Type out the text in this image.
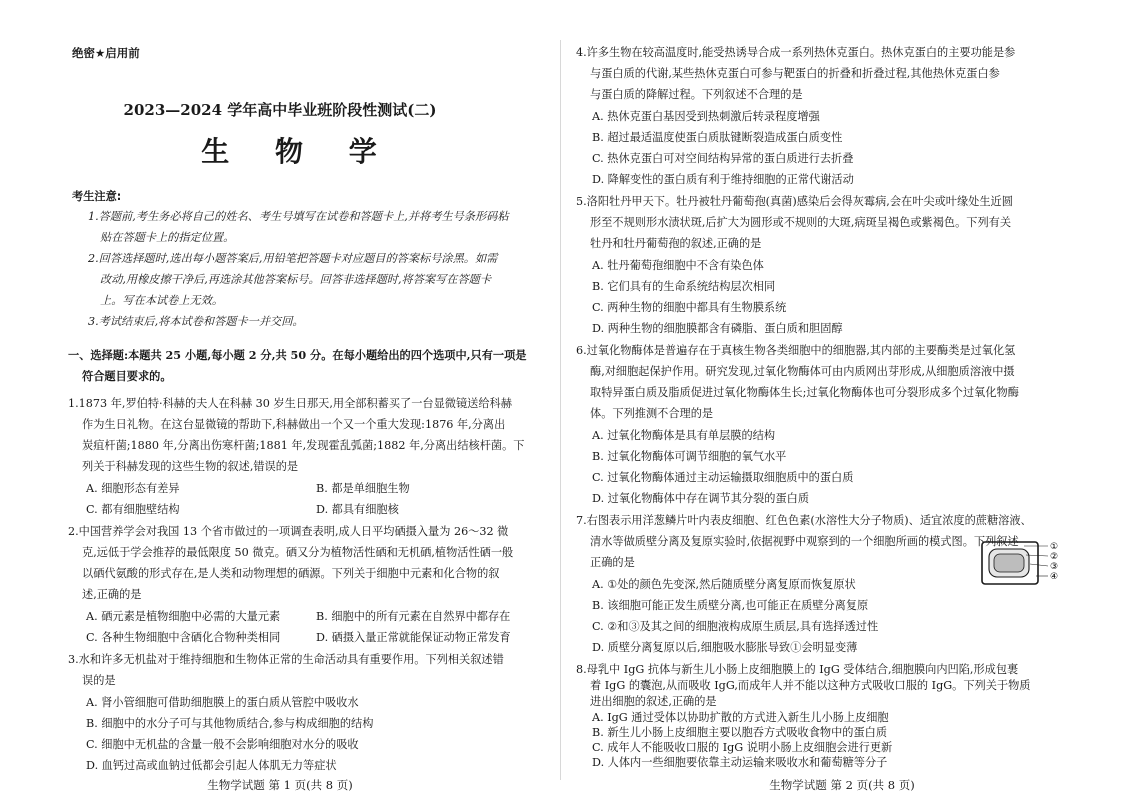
绝密★启用前
2023—2024 学年高中毕业班阶段性测试(二)
生 物 学
考生注意:
1.答题前,考生务必将自己的姓名、考生号填写在试卷和答题卡上,并将考生号条形码粘
贴在答题卡上的指定位置。
2.回答选择题时,选出每小题答案后,用铅笔把答题卡对应题目的答案标号涂黑。如需
改动,用橡皮擦干净后,再选涂其他答案标号。回答非选择题时,将答案写在答题卡
上。写在本试卷上无效。
3.考试结束后,将本试卷和答题卡一并交回。
一、选择题:本题共 25 小题,每小题 2 分,共 50 分。在每小题给出的四个选项中,只有一项是
符合题目要求的。
1.1873 年,罗伯特·科赫的夫人在科赫 30 岁生日那天,用全部积蓄买了一台显微镜送给科赫
作为生日礼物。在这台显微镜的帮助下,科赫做出一个又一个重大发现:1876 年,分离出
炭疽杆菌;1880 年,分离出伤寒杆菌;1881 年,发现霍乱弧菌;1882 年,分离出结核杆菌。下
列关于科赫发现的这些生物的叙述,错误的是
A. 细胞形态有差异	B. 都是单细胞生物
C. 都有细胞壁结构	D. 都具有细胞核
2.中国营养学会对我国 13 个省市做过的一项调查表明,成人日平均硒摄入量为 26～32 微
克,远低于学会推荐的最低限度 50 微克。硒又分为植物活性硒和无机硒,植物活性硒一般
以硒代氨酸的形式存在,是人类和动物理想的硒源。下列关于细胞中元素和化合物的叙
述,正确的是
A. 硒元素是植物细胞中必需的大量元素	B. 细胞中的所有元素在自然界中都存在
C. 各种生物细胞中含硒化合物种类相同	D. 硒摄入量正常就能保证动物正常发育
3.水和许多无机盐对于维持细胞和生物体正常的生命活动具有重要作用。下列相关叙述错
误的是
A. 肾小管细胞可借助细胞膜上的蛋白质从管腔中吸收水
B. 细胞中的水分子可与其他物质结合,参与构成细胞的结构
C. 细胞中无机盐的含量一般不会影响细胞对水分的吸收
D. 血钙过高或血钠过低都会引起人体肌无力等症状
生物学试题 第 1 页(共 8 页)
4.许多生物在较高温度时,能受热诱导合成一系列热休克蛋白。热休克蛋白的主要功能是参
与蛋白质的代谢,某些热休克蛋白可参与靶蛋白的折叠和折叠过程,其他热休克蛋白参
与蛋白质的降解过程。下列叙述不合理的是
A. 热休克蛋白基因受到热刺激后转录程度增强
B. 超过最适温度使蛋白质肽键断裂造成蛋白质变性
C. 热休克蛋白可对空间结构异常的蛋白质进行去折叠
D. 降解变性的蛋白质有利于维持细胞的正常代谢活动
5.洛阳牡丹甲天下。牡丹被牡丹葡萄孢(真菌)感染后会得灰霉病,会在叶尖或叶缘处生近圆
形至不规则形水渍状斑,后扩大为圆形或不规则的大斑,病斑呈褐色或紫褐色。下列有关
牡丹和牡丹葡萄孢的叙述,正确的是
A. 牡丹葡萄孢细胞中不含有染色体
B. 它们具有的生命系统结构层次相同
C. 两种生物的细胞中都具有生物膜系统
D. 两种生物的细胞膜都含有磷脂、蛋白质和胆固醇
6.过氧化物酶体是普遍存在于真核生物各类细胞中的细胞器,其内部的主要酶类是过氧化氢
酶,对细胞起保护作用。研究发现,过氧化物酶体可由内质网出芽形成,从细胞质溶液中摄
取特异蛋白质及脂质促进过氧化物酶体生长;过氧化物酶体也可分裂形成多个过氧化物酶
体。下列推测不合理的是
A. 过氧化物酶体是具有单层膜的结构
B. 过氧化物酶体可调节细胞的氧气水平
C. 过氧化物酶体通过主动运输摄取细胞质中的蛋白质
D. 过氧化物酶体中存在调节其分裂的蛋白质
7.右图表示用洋葱鳞片叶内表皮细胞、红色色素(水溶性大分子物质)、适宜浓度的蔗糖溶液、
清水等做质壁分离及复原实验时,依据视野中观察到的一个细胞所画的模式图。下列叙述
正确的是
A. ①处的颜色先变深,然后随质壁分离复原而恢复原状
B. 该细胞可能正发生质壁分离,也可能正在质壁分离复原
C. ②和③及其之间的细胞液构成原生质层,具有选择透过性
D. 质壁分离复原以后,细胞吸水膨胀导致①会明显变薄
①
②
③
④
8.母乳中 IgG 抗体与新生儿小肠上皮细胞膜上的 IgG 受体结合,细胞膜向内凹陷,形成包裹
着 IgG 的囊泡,从而吸收 IgG,而成年人并不能以这种方式吸收口服的 IgG。下列关于物质
进出细胞的叙述,正确的是
A. IgG 通过受体以协助扩散的方式进入新生儿小肠上皮细胞
B. 新生儿小肠上皮细胞主要以胞吞方式吸收食物中的蛋白质
C. 成年人不能吸收口服的 IgG 说明小肠上皮细胞会进行更新
D. 人体内一些细胞要依靠主动运输来吸收水和葡萄糖等分子
生物学试题 第 2 页(共 8 页)
